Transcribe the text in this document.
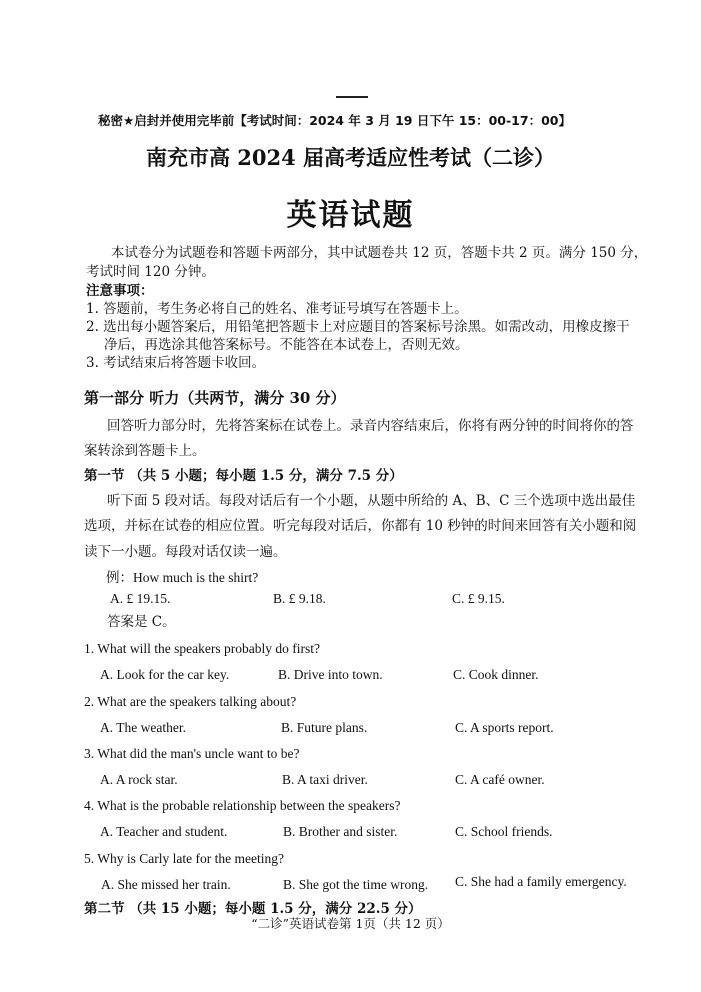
秘密★启封并使用完毕前【考试时间：2024 年 3 月 19 日下午 15：00-17：00】
南充市高 2024 届高考适应性考试（二诊）
英语试题
本试卷分为试题卷和答题卡两部分，其中试题卷共 12 页，答题卡共 2 页。满分 150 分，
考试时间 120 分钟。
注意事项：
1. 答题前，考生务必将自己的姓名、准考证号填写在答题卡上。
2. 选出每小题答案后，用铅笔把答题卡上对应题目的答案标号涂黑。如需改动，用橡皮擦干
净后，再选涂其他答案标号。不能答在本试卷上，否则无效。
3. 考试结束后将答题卡收回。
第一部分 听力（共两节，满分 30 分）
回答听力部分时，先将答案标在试卷上。录音内容结束后，你将有两分钟的时间将你的答
案转涂到答题卡上。
第一节 （共 5 小题；每小题 1.5 分，满分 7.5 分）
听下面 5 段对话。每段对话后有一个小题，从题中所给的 A、B、C 三个选项中选出最佳
选项，并标在试卷的相应位置。听完每段对话后，你都有 10 秒钟的时间来回答有关小题和阅
读下一小题。每段对话仅读一遍。
例：How much is the shirt?
A. £ 19.15.	B. £ 9.18.	C. £ 9.15.
答案是 C。
1. What will the speakers probably do first?
A. Look for the car key.	B. Drive into town.	C. Cook dinner.
2. What are the speakers talking about?
A. The weather.	B. Future plans.	C. A sports report.
3. What did the man's uncle want to be?
A. A rock star.	B. A taxi driver.	C. A café owner.
4. What is the probable relationship between the speakers?
A. Teacher and student.	B. Brother and sister.	C. School friends.
5. Why is Carly late for the meeting?
A. She missed her train.	B. She got the time wrong. C. She had a family emergency.
第二节 （共 15 小题；每小题 1.5 分，满分 22.5 分）
“二诊”英语试卷第 1页（共 12 页）
